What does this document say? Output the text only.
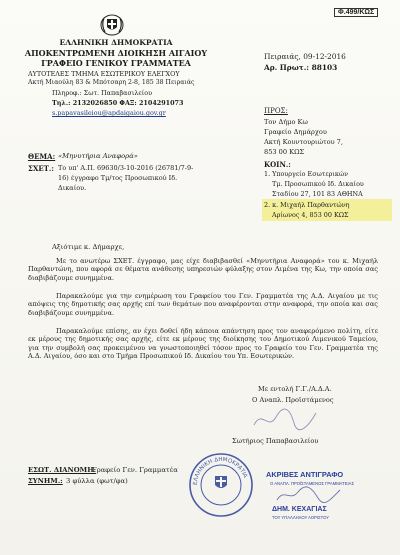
Φ.499/ΚΩΣ
ΕΛΛΗΝΙΚΗ ΔΗΜΟΚΡΑΤΙΑ
ΑΠΟΚΕΝΤΡΩΜΕΝΗ ΔΙΟΙΚΗΣΗ ΑΙΓΑΙΟΥ
ΓΡΑΦΕΙΟ ΓΕΝΙΚΟΥ ΓΡΑΜΜΑΤΕΑ
ΑΥΤΟΤΕΛΕΣ ΤΜΗΜΑ ΕΣΩΤΕΡΙΚΟΥ ΕΛΕΓΧΟΥ
Ακτή Μιαούλη 83 & Μπότσαρη 2-8, 185 38 Πειραιάς
Πληροφ.: Σωτ. Παπαβασιλείου
Τηλ.: 2132026850 ΦΑΞ: 2104291073
s.papavasileiou@apdaigaiou.gov.gr
Πειραιάς, 09-12-2016
Αρ. Πρωτ.: 88103
ΠΡΟΣ:
Τον Δήμο Κω
Γραφείο Δημάρχου
Ακτή Κουντουριώτου 7,
853 00 ΚΩΣ
ΚΟΙΝ.:
1. Υπουργείο Εσωτερικών
Τμ. Προσωπικού Ιδ. Δικαίου
Σταδίου 27, 101 83 ΑΘΗΝΑ
2. κ. Μιχαήλ Παρθαντώνη
Αρίωνος 4, 853 00 ΚΩΣ
ΘΕΜΑ: «Μηνυτήρια Αναφορά»
ΣΧΕΤ.: Το υπ' Α.Π. 69630/3-10-2016 (26781/7-9-
16) έγγραφο Τμ/τος Προσωπικού Ιδ.
Δικαίου.
Αξιότιμε κ. Δήμαρχε,
Με το ανωτέρω ΣΧΕΤ. έγγραφο, μας είχε διαβιβασθεί «Μηνυτήρια Αναφορά» του κ. Μιχαήλ Παρθαντώνη, που αφορά σε θέματα ανάθεσης υπηρεσιών φύλαξης στον Λιμένα της Κω, την οποία σας διαβιβάζουμε συνημμένα.
Παρακαλούμε για την ενημέρωση του Γραφείου του Γεν. Γραμματέα της Α.Δ. Αιγαίου με τις απόψεις της δημοτικής σας αρχής επί των θεμάτων που αναφέρονται στην αναφορά, την οποία και σας διαβιβάζουμε συνημμένα.
Παρακαλούμε επίσης, αν έχει δοθεί ήδη κάποια απάντηση προς τον αναφερόμενο πολίτη, είτε εκ μέρους της δημοτικής σας αρχής, είτε εκ μέρους της διοίκησης του Δημοτικού Λιμενικού Ταμείου, για την συμβολή σας προκειμένου να γνωστοποιηθεί τόσον προς το Γραφείο του Γεν. Γραμματέα της Α.Δ. Αιγαίου, όσο και στο Τμήμα Προσωπικού Ιδ. Δικαίου του Υπ. Εσωτερικών.
Με εντολή Γ.Γ./Α.Δ.Α.
Ο Αναπλ. Προϊστάμενος
Σωτήριος Παπαβασιλείου
ΕΣΩΤ. ΔΙΑΝΟΜΗ:
Γραφείο Γεν. Γραμματέα
ΣΥΝΗΜ.: 3 φύλλα (φωτ/φα)	ΕΛΛΗΝΙΚΗ ΔΗΜΟΚΡΑΤΙΑ ΑΚΡΙΒΕΣ ΑΝΤΙΓΡΑΦΟ
Ο ΑΝΑΠΛ. ΠΡΟΪΣΤΑΜΕΝΟΣ ΓΡΑΜΜΑΤΕΙΑΣ
ΔΗΜ. ΚΕΧΑΓΙΑΣ
ΤΟΥ ΥΠΑΛΛΗΛΟΥ ΑΟΡΙΣΤΟΥ
